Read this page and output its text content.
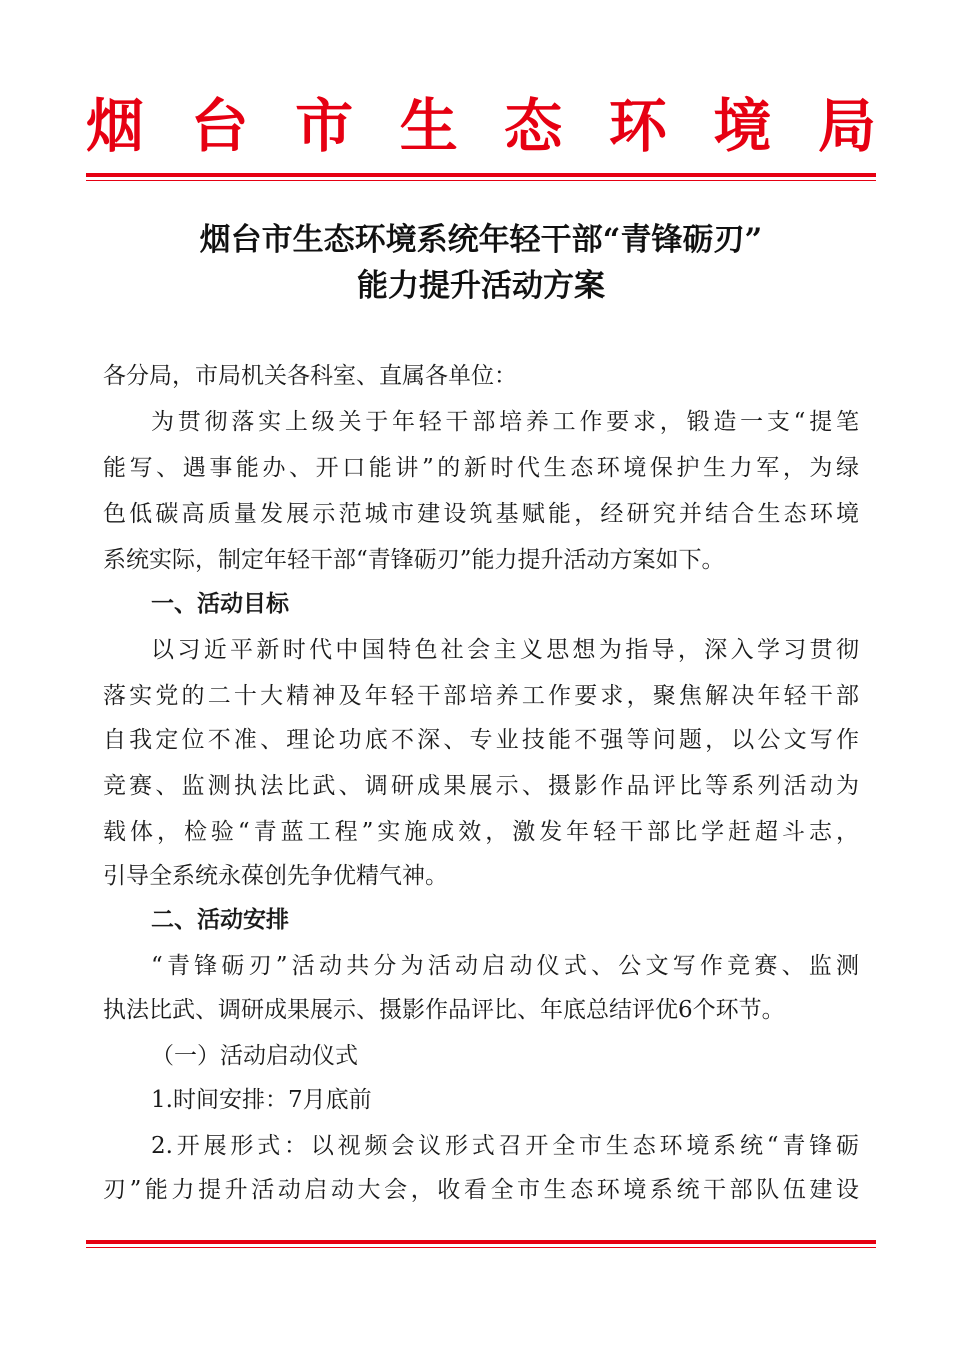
烟 台 市 生 态 环 境 局
烟台市生态环境系统年轻干部“青锋砺刃”
能力提升活动方案
各分局，市局机关各科室、直属各单位：
为贯彻落实上级关于年轻干部培养工作要求，锻造一支“提笔
能写、遇事能办、开口能讲”的新时代生态环境保护生力军，为绿
色低碳高质量发展示范城市建设筑基赋能，经研究并结合生态环境
系统实际，制定年轻干部“青锋砺刃”能力提升活动方案如下。
一、活动目标
以习近平新时代中国特色社会主义思想为指导，深入学习贯彻
落实党的二十大精神及年轻干部培养工作要求，聚焦解决年轻干部
自我定位不准、理论功底不深、专业技能不强等问题，以公文写作
竞赛、监测执法比武、调研成果展示、摄影作品评比等系列活动为
载体，检验“青蓝工程”实施成效，激发年轻干部比学赶超斗志，
引导全系统永葆创先争优精气神。
二、活动安排
“青锋砺刃”活动共分为活动启动仪式、公文写作竞赛、监测
执法比武、调研成果展示、摄影作品评比、年底总结评优6个环节。
（一）活动启动仪式
1.时间安排：7月底前
2.开展形式：以视频会议形式召开全市生态环境系统“青锋砺
刃”能力提升活动启动大会，收看全市生态环境系统干部队伍建设
